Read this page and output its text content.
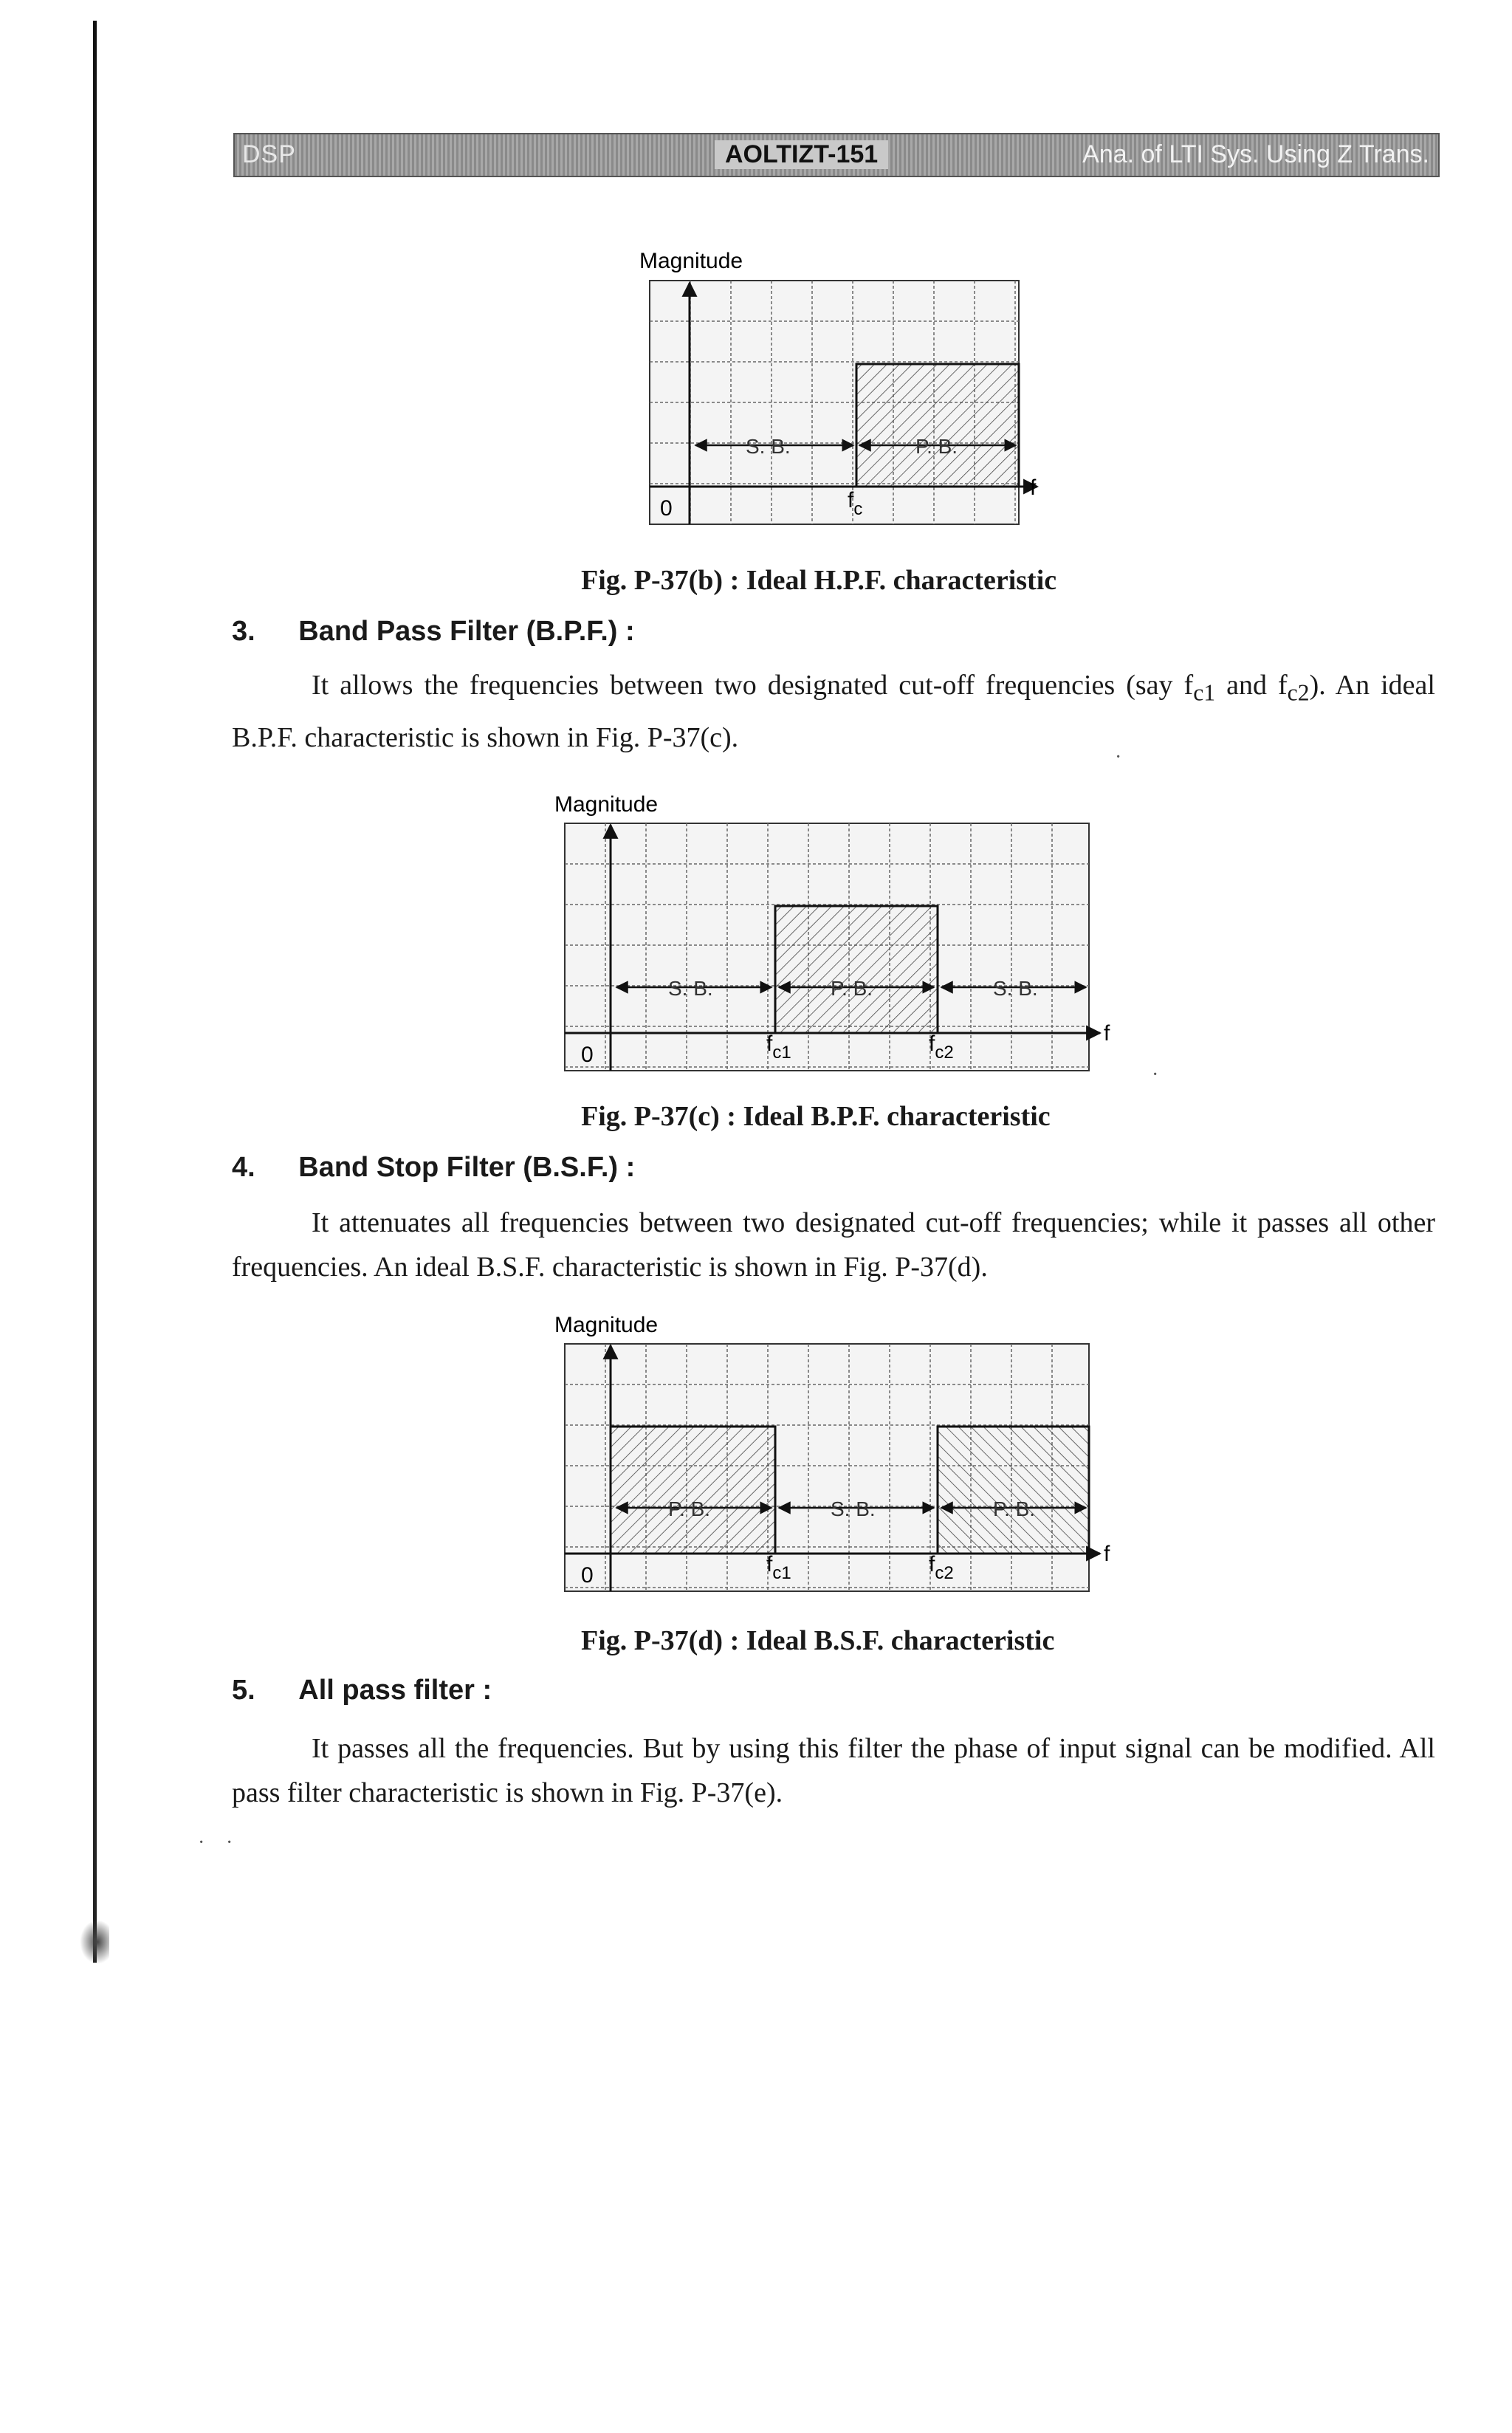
DSP	AOLTIZT-151	Ana. of LTI Sys. Using Z Trans.
Magnitude
f
0	$f_c$
S. B.	P. B.
Fig. P-37(b) : Ideal H.P.F. characteristic
3. Band Pass Filter (B.P.F.) :
It allows the frequencies between two designated cut-off frequencies (say $f_{c1}$ and $f_{c2}$). An ideal B.P.F. characteristic is shown in Fig. P-37(c).
Magnitude
f
0	$f_{c1}$	$f_{c2}$
S. B.	P. B.	S. B.
Fig. P-37(c) : Ideal B.P.F. characteristic
4. Band Stop Filter (B.S.F.) :
It attenuates all frequencies between two designated cut-off frequencies; while it passes all other frequencies. An ideal B.S.F. characteristic is shown in Fig. P-37(d).
Magnitude
f
0	$f_{c1}$	$f_{c2}$
P. B.	S. B.	P. B.
Fig. P-37(d) : Ideal B.S.F. characteristic
5. All pass filter :
It passes all the frequencies. But by using this filter the phase of input signal can be modified. All pass filter characteristic is shown in Fig. P-37(e).
·
·
· ·
